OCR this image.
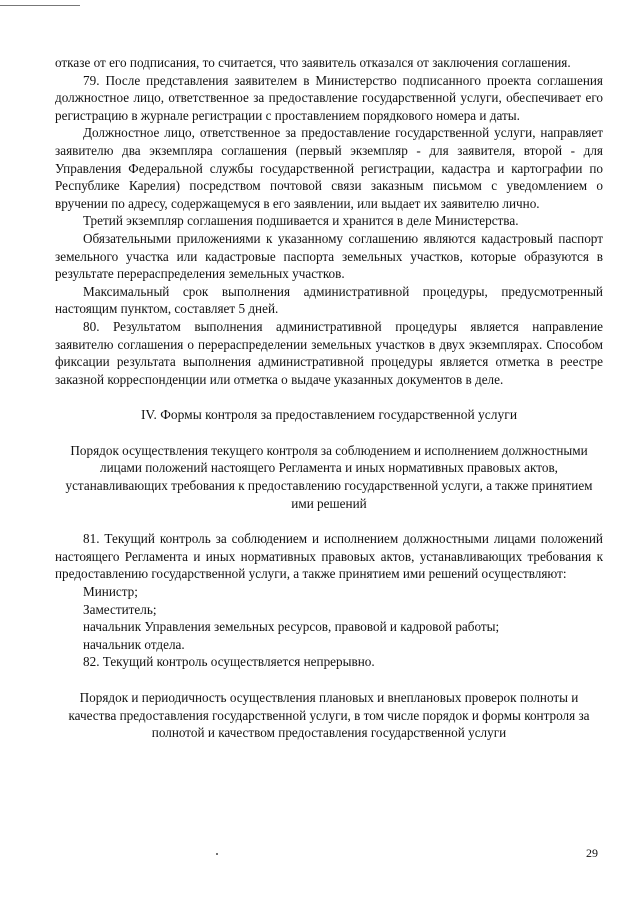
отказе от его подписания, то считается, что заявитель отказался от заключения соглашения.

79. После представления заявителем в Министерство подписанного проекта соглашения должностное лицо, ответственное за предоставление государственной услуги, обеспечивает его регистрацию в журнале регистрации с проставлением порядкового номера и даты.

Должностное лицо, ответственное за предоставление государственной услуги, направляет заявителю два экземпляра соглашения (первый экземпляр - для заявителя, второй - для Управления Федеральной службы государственной регистрации, кадастра и картографии по Республике Карелия) посредством почтовой связи заказным письмом с уведомлением о вручении по адресу, содержащемуся в его заявлении, или выдает их заявителю лично.

Третий экземпляр соглашения подшивается и хранится в деле Министерства.

Обязательными приложениями к указанному соглашению являются кадастровый паспорт земельного участка или кадастровые паспорта земельных участков, которые образуются в результате перераспределения земельных участков.

Максимальный срок выполнения административной процедуры, предусмотренный настоящим пунктом, составляет 5 дней.

80. Результатом выполнения административной процедуры является направление заявителю соглашения о перераспределении земельных участков в двух экземплярах. Способом фиксации результата выполнения административной процедуры является отметка в реестре заказной корреспонденции или отметка о выдаче указанных документов в деле.

IV. Формы контроля за предоставлением государственной услуги

Порядок осуществления текущего контроля за соблюдением и исполнением должностными лицами положений настоящего Регламента и иных нормативных правовых актов, устанавливающих требования к предоставлению государственной услуги, а также принятием ими решений

81. Текущий контроль за соблюдением и исполнением должностными лицами положений настоящего Регламента и иных нормативных правовых актов, устанавливающих требования к предоставлению государственной услуги, а также принятием ими решений осуществляют:

Министр;

Заместитель;

начальник Управления земельных ресурсов, правовой и кадровой работы;

начальник отдела.

82. Текущий контроль осуществляется непрерывно.

Порядок и периодичность осуществления плановых и внеплановых проверок полноты и качества предоставления государственной услуги, в том числе порядок и формы контроля за полнотой и качеством предоставления государственной услуги

29
